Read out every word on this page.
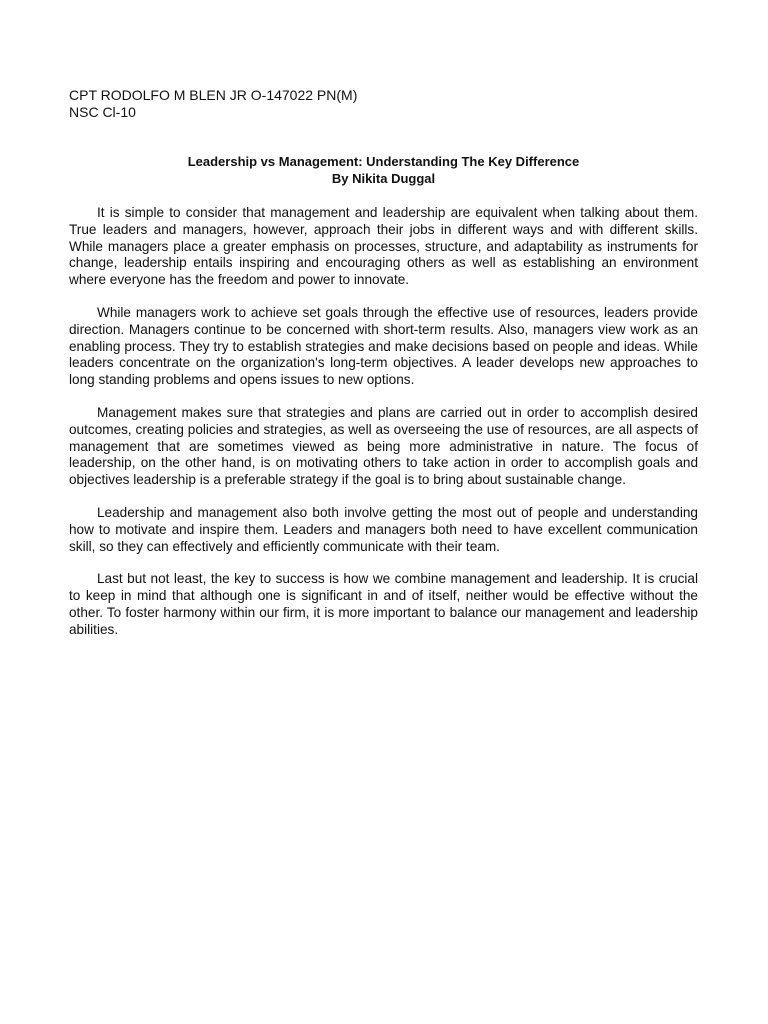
CPT RODOLFO M BLEN JR O-147022 PN(M)
NSC Cl-10
Leadership vs Management: Understanding The Key Difference
By Nikita Duggal

It is simple to consider that management and leadership are equivalent when talking about them. True leaders and managers, however, approach their jobs in different ways and with different skills. While managers place a greater emphasis on processes, structure, and adaptability as instruments for change, leadership entails inspiring and encouraging others as well as establishing an environment where everyone has the freedom and power to innovate.

While managers work to achieve set goals through the effective use of resources, leaders provide direction. Managers continue to be concerned with short-term results. Also, managers view work as an enabling process. They try to establish strategies and make decisions based on people and ideas. While leaders concentrate on the organization's long-term objectives. A leader develops new approaches to long standing problems and opens issues to new options.

Management makes sure that strategies and plans are carried out in order to accomplish desired outcomes, creating policies and strategies, as well as overseeing the use of resources, are all aspects of management that are sometimes viewed as being more administrative in nature. The focus of leadership, on the other hand, is on motivating others to take action in order to accomplish goals and objectives leadership is a preferable strategy if the goal is to bring about sustainable change.

Leadership and management also both involve getting the most out of people and understanding how to motivate and inspire them. Leaders and managers both need to have excellent communication skill, so they can effectively and efficiently communicate with their team.

Last but not least, the key to success is how we combine management and leadership. It is crucial to keep in mind that although one is significant in and of itself, neither would be effective without the other. To foster harmony within our firm, it is more important to balance our management and leadership abilities.
